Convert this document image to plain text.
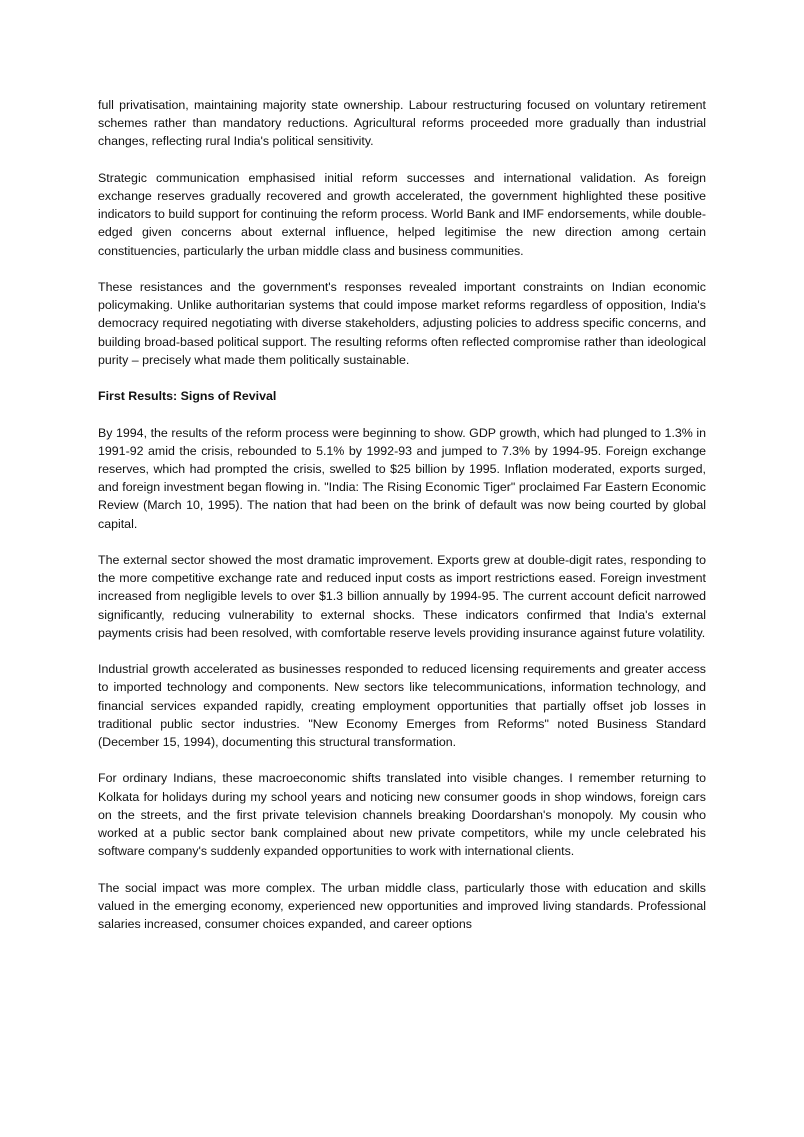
full privatisation, maintaining majority state ownership. Labour restructuring focused on voluntary retirement schemes rather than mandatory reductions. Agricultural reforms proceeded more gradually than industrial changes, reflecting rural India's political sensitivity.

Strategic communication emphasised initial reform successes and international validation. As foreign exchange reserves gradually recovered and growth accelerated, the government highlighted these positive indicators to build support for continuing the reform process. World Bank and IMF endorsements, while double-edged given concerns about external influence, helped legitimise the new direction among certain constituencies, particularly the urban middle class and business communities.

These resistances and the government's responses revealed important constraints on Indian economic policymaking. Unlike authoritarian systems that could impose market reforms regardless of opposition, India's democracy required negotiating with diverse stakeholders, adjusting policies to address specific concerns, and building broad-based political support. The resulting reforms often reflected compromise rather than ideological purity – precisely what made them politically sustainable.

First Results: Signs of Revival

By 1994, the results of the reform process were beginning to show. GDP growth, which had plunged to 1.3% in 1991-92 amid the crisis, rebounded to 5.1% by 1992-93 and jumped to 7.3% by 1994-95. Foreign exchange reserves, which had prompted the crisis, swelled to $25 billion by 1995. Inflation moderated, exports surged, and foreign investment began flowing in. "India: The Rising Economic Tiger" proclaimed Far Eastern Economic Review (March 10, 1995). The nation that had been on the brink of default was now being courted by global capital.

The external sector showed the most dramatic improvement. Exports grew at double-digit rates, responding to the more competitive exchange rate and reduced input costs as import restrictions eased. Foreign investment increased from negligible levels to over $1.3 billion annually by 1994-95. The current account deficit narrowed significantly, reducing vulnerability to external shocks. These indicators confirmed that India's external payments crisis had been resolved, with comfortable reserve levels providing insurance against future volatility.

Industrial growth accelerated as businesses responded to reduced licensing requirements and greater access to imported technology and components. New sectors like telecommunications, information technology, and financial services expanded rapidly, creating employment opportunities that partially offset job losses in traditional public sector industries. "New Economy Emerges from Reforms" noted Business Standard (December 15, 1994), documenting this structural transformation.

For ordinary Indians, these macroeconomic shifts translated into visible changes. I remember returning to Kolkata for holidays during my school years and noticing new consumer goods in shop windows, foreign cars on the streets, and the first private television channels breaking Doordarshan's monopoly. My cousin who worked at a public sector bank complained about new private competitors, while my uncle celebrated his software company's suddenly expanded opportunities to work with international clients.

The social impact was more complex. The urban middle class, particularly those with education and skills valued in the emerging economy, experienced new opportunities and improved living standards. Professional salaries increased, consumer choices expanded, and career options
